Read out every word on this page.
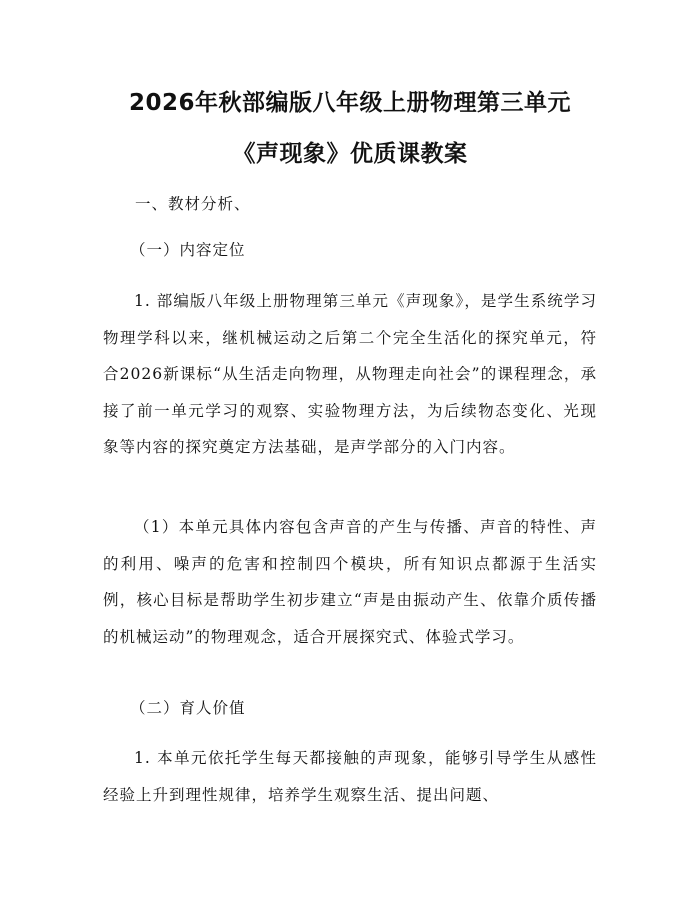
2026年秋部编版八年级上册物理第三单元
《声现象》优质课教案
一、教材分析、
（一）内容定位
1. 部编版八年级上册物理第三单元《声现象》，是学生系统学习物理学科以来，继机械运动之后第二个完全生活化的探究单元，符合2026新课标“从生活走向物理，从物理走向社会”的课程理念，承接了前一单元学习的观察、实验物理方法，为后续物态变化、光现象等内容的探究奠定方法基础，是声学部分的入门内容。
（1）本单元具体内容包含声音的产生与传播、声音的特性、声的利用、噪声的危害和控制四个模块，所有知识点都源于生活实例，核心目标是帮助学生初步建立“声是由振动产生、依靠介质传播的机械运动”的物理观念，适合开展探究式、体验式学习。
（二）育人价值
1. 本单元依托学生每天都接触的声现象，能够引导学生从感性经验上升到理性规律，培养学生观察生活、提出问题、
